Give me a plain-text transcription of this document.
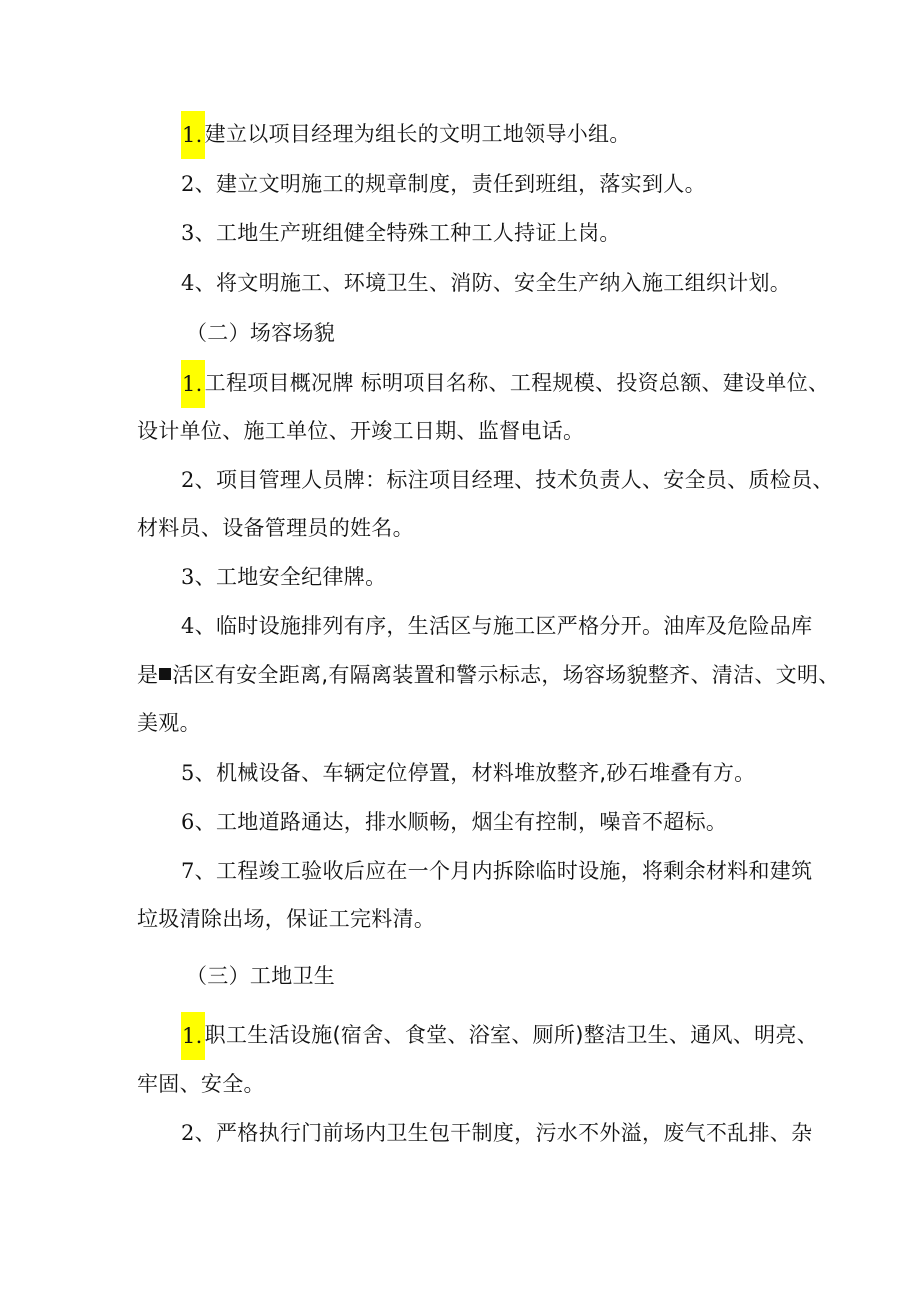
1.建立以项目经理为组长的文明工地领导小组。
2、建立文明施工的规章制度，责任到班组，落实到人。
3、工地生产班组健全特殊工种工人持证上岗。
4、将文明施工、环境卫生、消防、安全生产纳入施工组织计划。
（二）场容场貌
1.工程项目概况牌 标明项目名称、工程规模、投资总额、建设单位、
设计单位、施工单位、开竣工日期、监督电话。
2、项目管理人员牌：标注项目经理、技术负责人、安全员、质检员、
材料员、设备管理员的姓名。
3、工地安全纪律牌。
4、临时设施排列有序，生活区与施工区严格分开。油库及危险品库
是 活区有安全距离,有隔离装置和警示标志，场容场貌整齐、清洁、文明、
美观。
5、机械设备、车辆定位停置，材料堆放整齐,砂石堆叠有方。
6、工地道路通达，排水顺畅，烟尘有控制，噪音不超标。
7、工程竣工验收后应在一个月内拆除临时设施，将剩余材料和建筑
垃圾清除出场，保证工完料清。
（三）工地卫生
1.职工生活设施(宿舍、食堂、浴室、厕所)整洁卫生、通风、明亮、
牢固、安全。
2、严格执行门前场内卫生包干制度，污水不外溢，废气不乱排、杂
